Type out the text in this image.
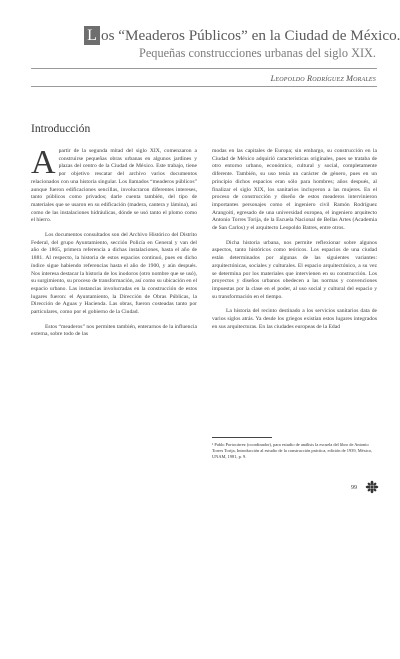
L os “Meaderos Públicos” en la Ciudad de México.
Pequeñas construcciones urbanas del siglo XIX.
Leopoldo Rodríguez Morales
Introducción

Apartir de la segunda mitad del siglo XIX, comenzaron a construirse pequeñas obras urbanas en algunos jardines y plazas del centro de la Ciudad de México. Este trabajo, tiene por objetivo rescatar del archivo varios documentos relacionados con una historia singular. Los llamados “meaderos públicos” aunque fueron edificaciones sencillas, involucraron diferentes intereses, tanto públicos como privados; darle cuenta también, del tipo de materiales que se usaron en su edificación (madera, cantera y lámina), así como de las instalaciones hidráulicas, dónde se usó tanto el plomo como el hierro.

Los documentos consultados son del Archivo Histórico del Distrito Federal, del grupo Ayuntamiento, sección Policía en General y van del año de 1865, primera referencia a dichas instalaciones, hasta el año de 1881. Al respecto, la historia de estos espacios continuó, pues en dicho índice sigue habiendo referencias hasta el año de 1900, y aún después. Nos interesa destacar la historia de los inodoros (otro nombre que se usó), su surgimiento, su proceso de transformación, así como su ubicación en el espacio urbano. Las instancias involucradas en la construcción de estos lugares fueron: el Ayuntamiento, la Dirección de Obras Públicas, la Dirección de Aguas y Hacienda. Las obras, fueron costeadas tanto por particulares, como por el gobierno de la Ciudad.

Estos “meaderos” nos permiten también, enterarnos de la influencia externa, sobre todo de las

modas en las capitales de Europa; sin embargo, su construcción en la Ciudad de México adquirió características originales, pues se trataba de otro entorno urbano, económico, cultural y social, completamente diferente. También, su uso tenía un carácter de género, pues en un principio dichos espacios eran sólo para hombres; años después, al finalizar el siglo XIX, los sanitarios incluyeron a las mujeres. En el proceso de construcción y diseño de estos meaderos intervinieron importantes personajes como el ingeniero civil Ramón Rodríguez Arangoiti, egresado de una universidad europea, el ingeniero arquitecto Antonio Torres Torija, de la Escuela Nacional de Bellas Artes (Academia de San Carlos) y el arquitecto Leopoldo Batres, entre otros.

Dicha historia urbana, nos permite reflexionar sobre algunos aspectos, tanto históricos como teóricos. Los espacios de una ciudad están determinados por algunas de las siguientes variantes: arquitectónicas, sociales y culturales. El espacio arquitectónico, a su vez se determina por los materiales que intervienen en su construcción. Los proyectos y diseños urbanos obedecen a las normas y convenciones impuestas por la clase en el poder, al uso social y cultural del espacio y su transformación en el tiempo.

La historia del recinto destinado a los servicios sanitarios data de varios siglos atrás. Ya desde los griegos existían estos lugares integrados en sus arquitecturas. En las ciudades europeas de la Edad

¹ Pablo Portocárrez (coordinador), para estudio de análisis la escuela del libro de Antonio Torres Torija, Introducción al estudio de la construcción práctica, edición de 1939, México, UNAM, 1981, p. 9.
99
